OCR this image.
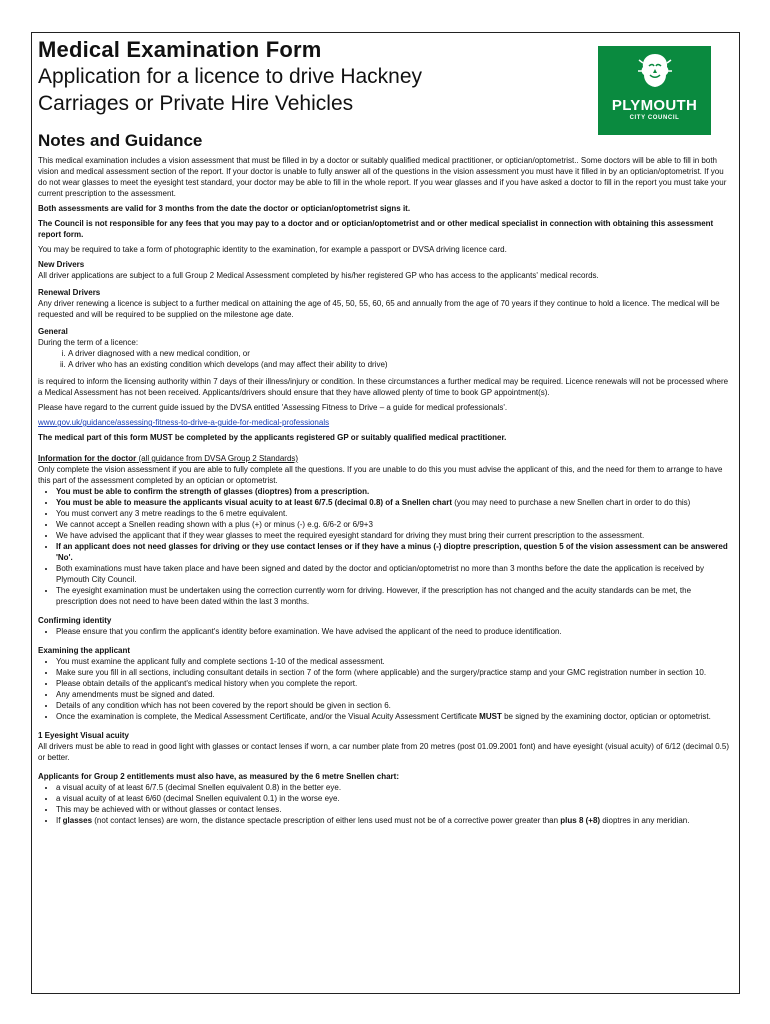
PLYMOUTH
CITY COUNCIL
Medical Examination Form
Application for a licence to drive Hackney
Carriages or Private Hire Vehicles
Notes and Guidance

This medical examination includes a vision assessment that must be filled in by a doctor or suitably qualified medical practitioner, or optician/optometrist.. Some doctors will be able to fill in both vision and medical assessment section of the report. If your doctor is unable to fully answer all of the questions in the vision assessment you must have it filled in by an optician/optometrist. If you do not wear glasses to meet the eyesight test standard, your doctor may be able to fill in the whole report. If you wear glasses and if you have asked a doctor to fill in the report you must take your current prescription to the assessment.

Both assessments are valid for 3 months from the date the doctor or optician/optometrist signs it.

The Council is not responsible for any fees that you may pay to a doctor and or optician/optometrist and or other medical specialist in connection with obtaining this assessment report form.

You may be required to take a form of photographic identity to the examination, for example a passport or DVSA driving licence card.

New Drivers

All driver applications are subject to a full Group 2 Medical Assessment completed by his/her registered GP who has access to the applicants' medical records.

Renewal Drivers

Any driver renewing a licence is subject to a further medical on attaining the age of 45, 50, 55, 60, 65 and annually from the age of 70 years if they continue to hold a licence. The medical will be requested and will be required to be supplied on the milestone age date.

General
During the term of a licence:
i. A driver diagnosed with a new medical condition, or
ii. A driver who has an existing condition which develops (and may affect their ability to drive)

is required to inform the licensing authority within 7 days of their illness/injury or condition. In these circumstances a further medical may be required. Licence renewals will not be processed where a Medical Assessment has not been received. Applicants/drivers should ensure that they have allowed plenty of time to book GP appointment(s).

Please have regard to the current guide issued by the DVSA entitled 'Assessing Fitness to Drive – a guide for medical professionals'.

www.gov.uk/guidance/assessing-fitness-to-drive-a-guide-for-medical-professionals

The medical part of this form MUST be completed by the applicants registered GP or suitably qualified medical practitioner.

Information for the doctor (all guidance from DVSA Group 2 Standards)
Only complete the vision assessment if you are able to fully complete all the questions. If you are unable to do this you must advise the applicant of this, and the need for them to arrange to have this part of the assessment completed by an optician or optometrist.
• You must be able to confirm the strength of glasses (dioptres) from a prescription.
• You must be able to measure the applicants visual acuity to at least 6/7.5 (decimal 0.8) of a Snellen chart (you may need to purchase a new Snellen chart in order to do this)
• You must convert any 3 metre readings to the 6 metre equivalent.
• We cannot accept a Snellen reading shown with a plus (+) or minus (-) e.g. 6/6-2 or 6/9+3
• We have advised the applicant that if they wear glasses to meet the required eyesight standard for driving they must bring their current prescription to the assessment.
• If an applicant does not need glasses for driving or they use contact lenses or if they have a minus (-) dioptre prescription, question 5 of the vision assessment can be answered 'No'.
• Both examinations must have taken place and have been signed and dated by the doctor and optician/optometrist no more than 3 months before the date the application is received by Plymouth City Council.
• The eyesight examination must be undertaken using the correction currently worn for driving. However, if the prescription has not changed and the acuity standards can be met, the prescription does not need to have been dated within the last 3 months.
Confirming identity
• Please ensure that you confirm the applicant's identity before examination. We have advised the applicant of the need to produce identification.
Examining the applicant
• You must examine the applicant fully and complete sections 1-10 of the medical assessment.
• Make sure you fill in all sections, including consultant details in section 7 of the form (where applicable) and the surgery/practice stamp and your GMC registration number in section 10.
• Please obtain details of the applicant's medical history when you complete the report.
• Any amendments must be signed and dated.
• Details of any condition which has not been covered by the report should be given in section 6.
• Once the examination is complete, the Medical Assessment Certificate, and/or the Visual Acuity Assessment Certificate MUST be signed by the examining doctor, optician or optometrist.
1 Eyesight Visual acuity

All drivers must be able to read in good light with glasses or contact lenses if worn, a car number plate from 20 metres (post 01.09.2001 font) and have eyesight (visual acuity) of 6/12 (decimal 0.5) or better.

Applicants for Group 2 entitlements must also have, as measured by the 6 metre Snellen chart:
• a visual acuity of at least 6/7.5 (decimal Snellen equivalent 0.8) in the better eye.
• a visual acuity of at least 6/60 (decimal Snellen equivalent 0.1) in the worse eye.
• This may be achieved with or without glasses or contact lenses.
• If glasses (not contact lenses) are worn, the distance spectacle prescription of either lens used must not be of a corrective power greater than plus 8 (+8) dioptres in any meridian.
